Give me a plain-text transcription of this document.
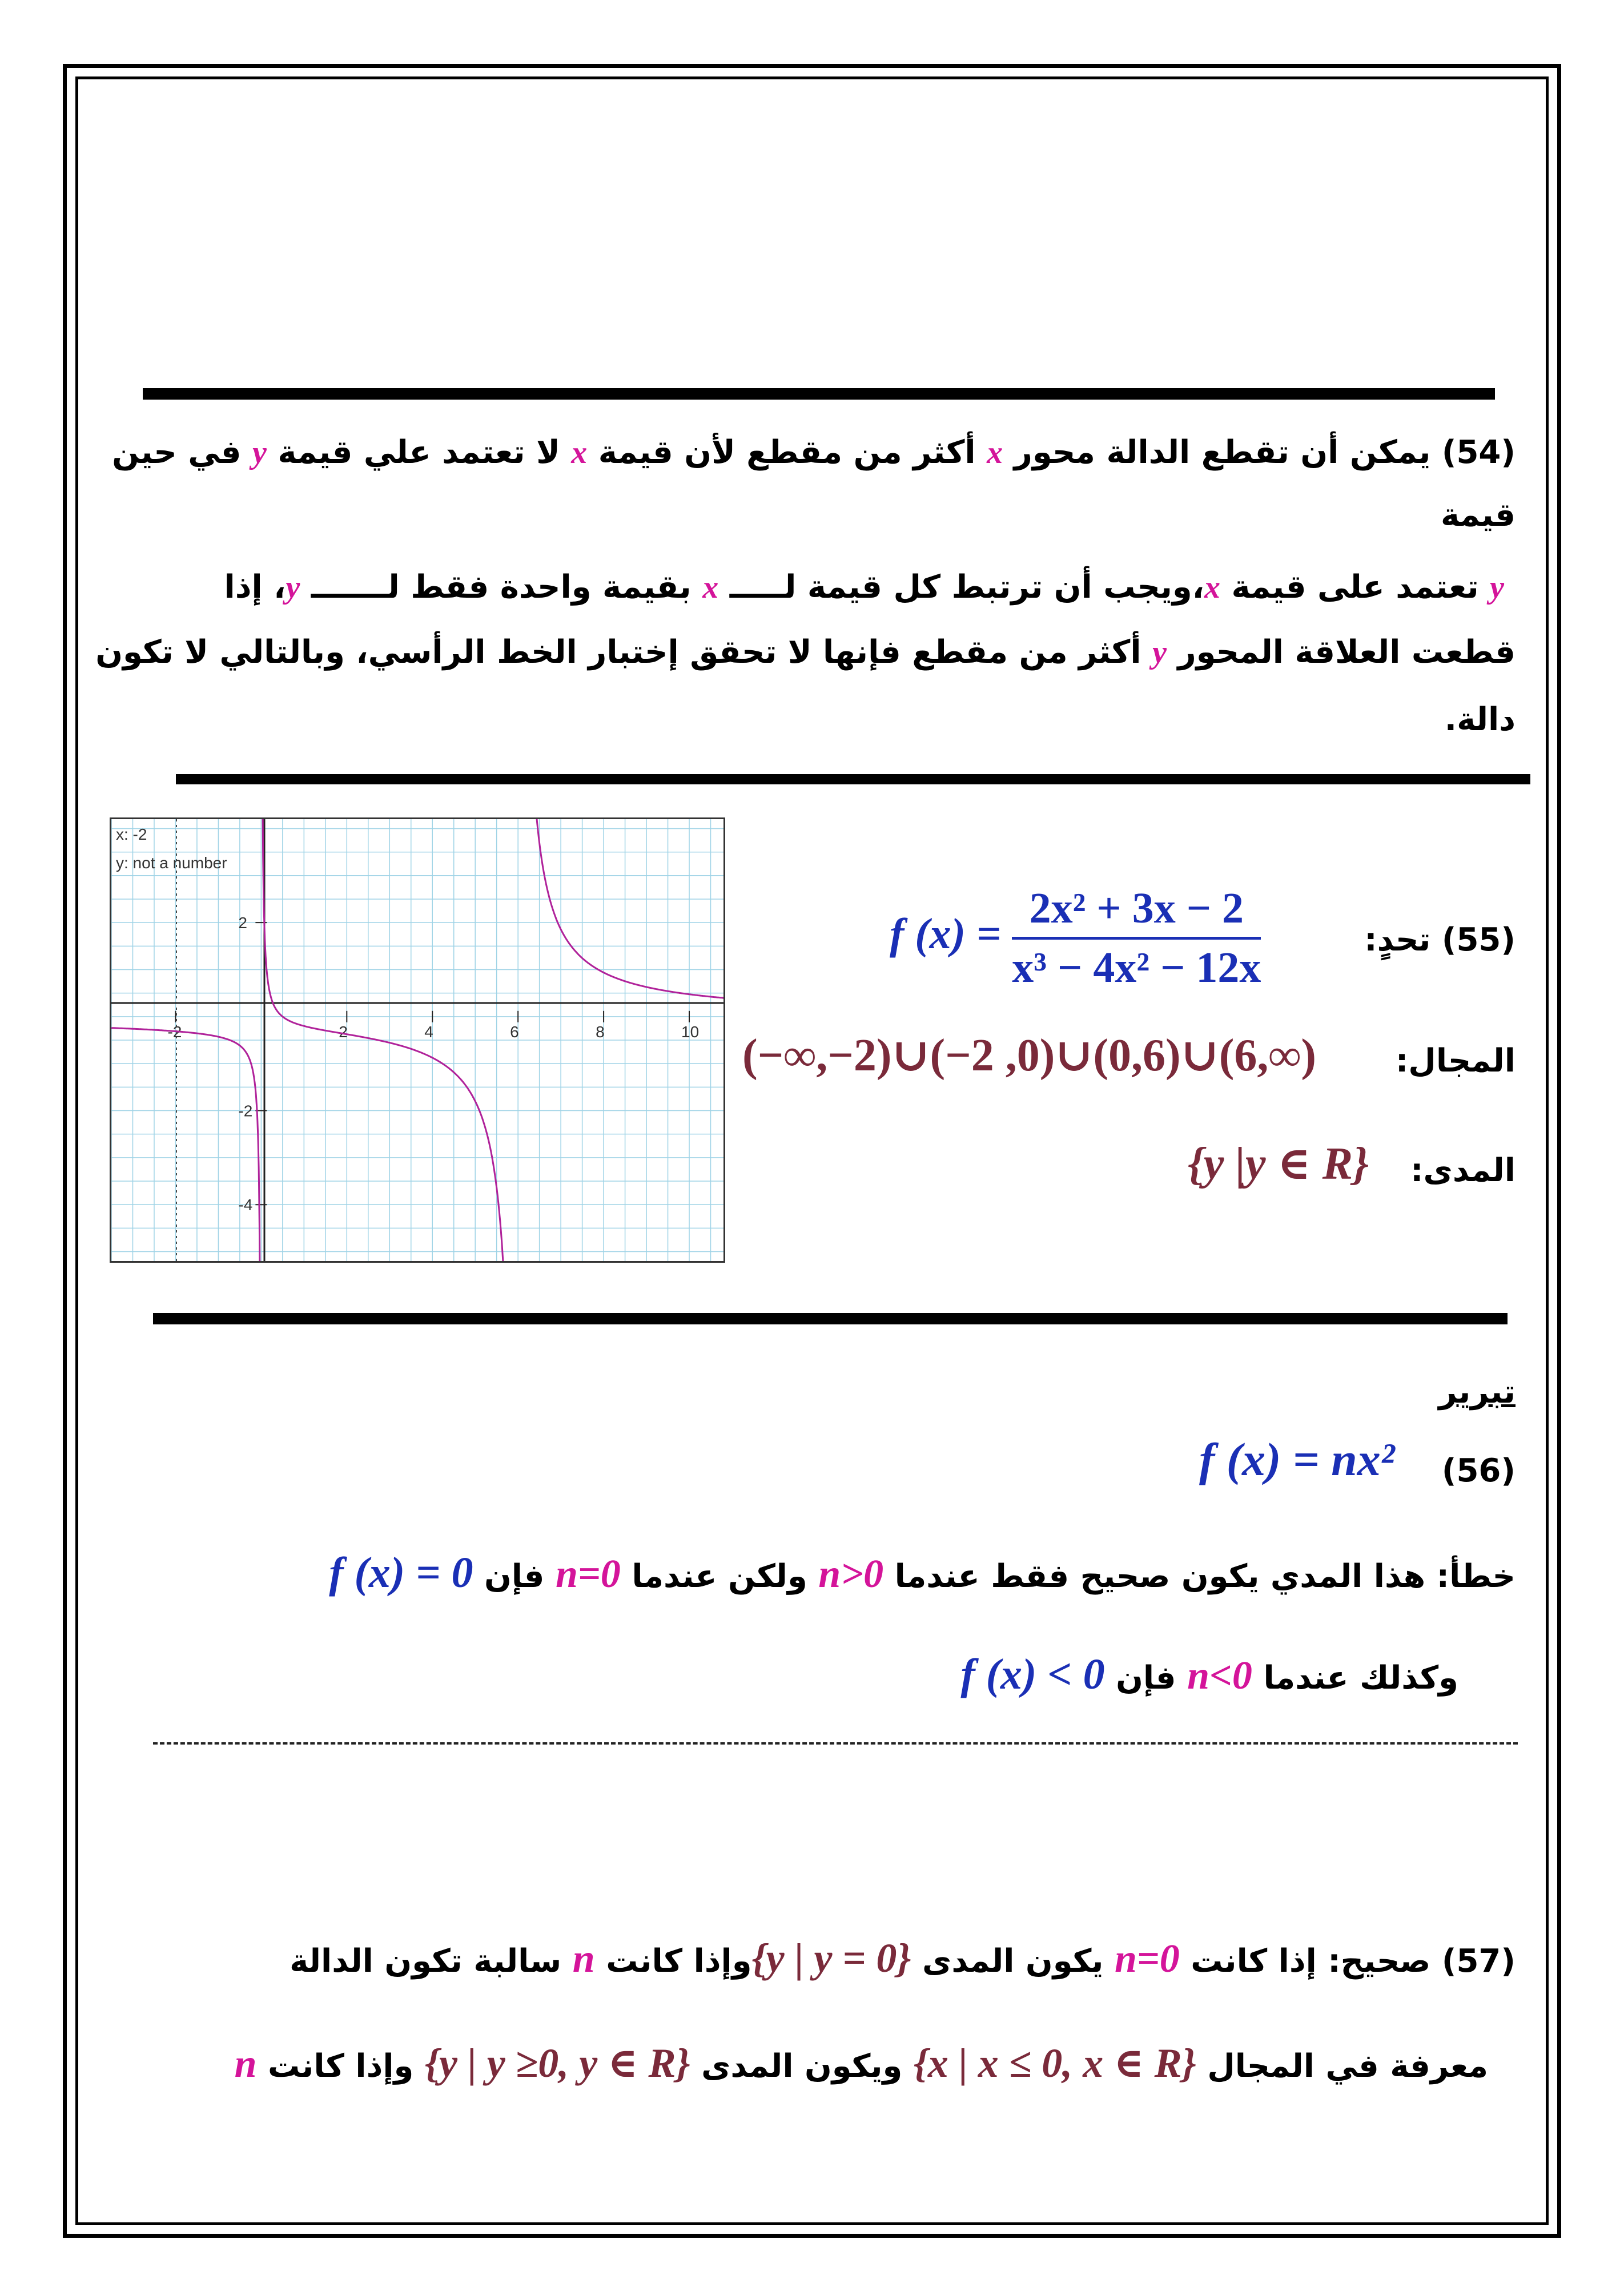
(54) يمكن أن تقطع الدالة محور x أكثر من مقطع لأن قيمة x لا تعتمد علي قيمة y في حين
قيمة
y تعتمد على قيمة x،ويجب أن ترتبط كل قيمة لـــــ x بقيمة واحدة فقط لـــــــ y، إذا
قطعت العلاقة المحور y أكثر من مقطع فإنها لا تحقق إختبار الخط الرأسي، وبالتالي لا تكون
دالة.
-2	2	4	6	8	10
2
-2
-4
x: -2
y: not a number
(55) تحدٍ:
f $(x) = \frac{\text{2x² + 3x − 2}}{\text{x³ − 4x² − 12x}}$
المجال:
(−∞,−2)∪(−2 ,0)∪(0,6)∪(6,∞)
المدى:
{y |y ∈ R}
تبرير
(56)
f (x) = nx²
خطأ: هذا المدي يكون صحيح فقط عندما n>0 ولكن عندما n=0 فإن f (x) = 0
وكذلك عندما n<0 فإن f (x) < 0
(57) صحيح: إذا كانت n=0 يكون المدى {y | y = 0}وإذا كانت n سالبة تكون الدالة
معرفة في المجال {x | x ≤ 0, x ∈ R} ويكون المدى {y | y ≥0, y ∈ R} وإذا كانت n
